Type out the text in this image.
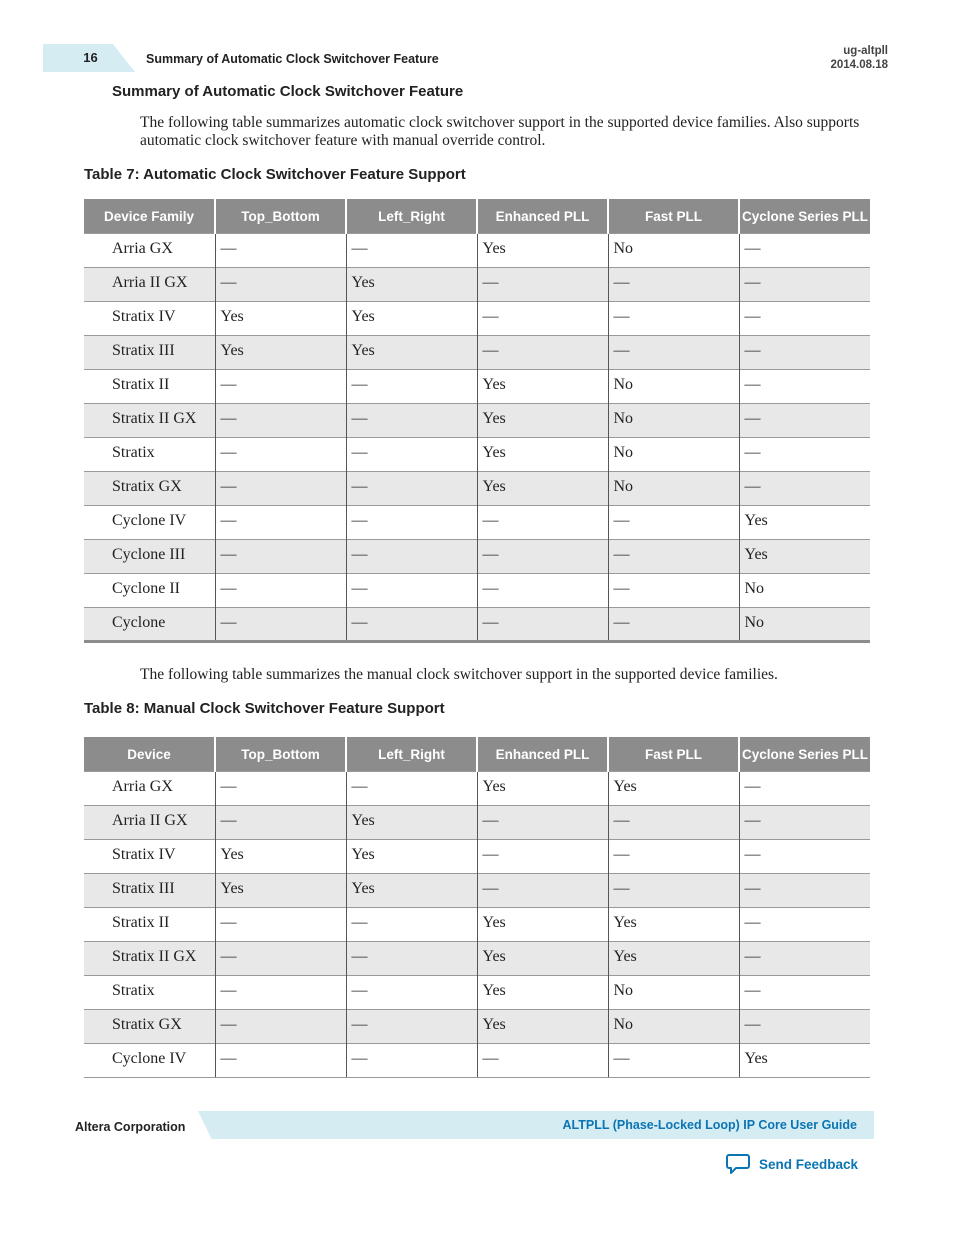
16	Summary of Automatic Clock Switchover Feature
ug-altpll
2014.08.18
Summary of Automatic Clock Switchover Feature
The following table summarizes automatic clock switchover support in the supported device families. Also supports automatic clock switchover feature with manual override control.
Table 7: Automatic Clock Switchover Feature Support
Device Family	Top_Bottom	Left_Right	Enhanced PLL	Fast PLL	Cyclone Series PLL
Arria GX	—	—	Yes	No	—
Arria II GX	—	Yes	—	—	—
Stratix IV	Yes	Yes	—	—	—
Stratix III	Yes	Yes	—	—	—
Stratix II	—	—	Yes	No	—
Stratix II GX	—	—	Yes	No	—
Stratix	—	—	Yes	No	—
Stratix GX	—	—	Yes	No	—
Cyclone IV	—	—	—	—	Yes
Cyclone III	—	—	—	—	Yes
Cyclone II	—	—	—	—	No
Cyclone	—	—	—	—	No
The following table summarizes the manual clock switchover support in the supported device families.
Table 8: Manual Clock Switchover Feature Support
Device	Top_Bottom	Left_Right	Enhanced PLL	Fast PLL	Cyclone Series PLL
Arria GX	—	—	Yes	Yes	—
Arria II GX	—	Yes	—	—	—
Stratix IV	Yes	Yes	—	—	—
Stratix III	Yes	Yes	—	—	—
Stratix II	—	—	Yes	Yes	—
Stratix II GX	—	—	Yes	Yes	—
Stratix	—	—	Yes	No	—
Stratix GX	—	—	Yes	No	—
Cyclone IV	—	—	—	—	Yes
Altera Corporation	ALTPLL (Phase-Locked Loop) IP Core User Guide
Send Feedback
